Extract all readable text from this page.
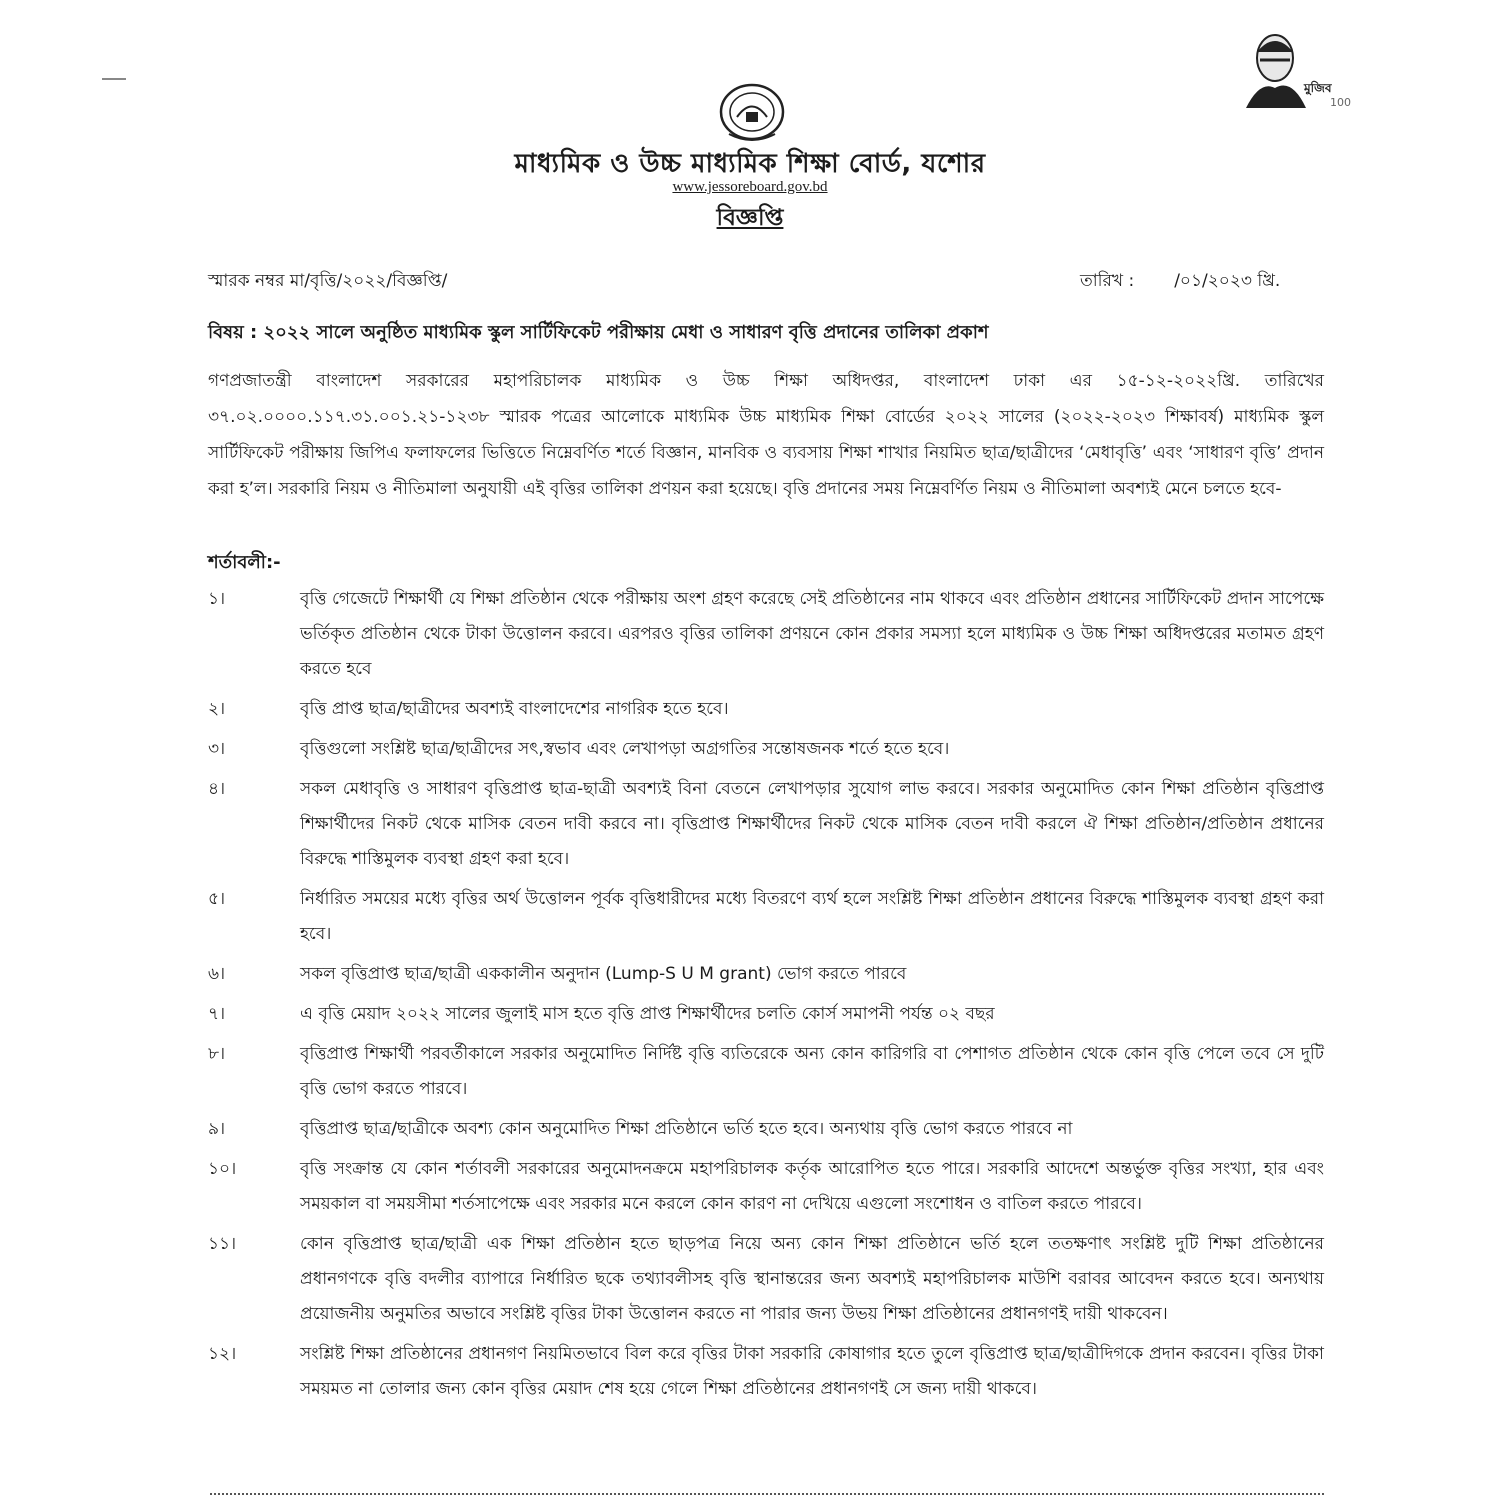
মুজিব
100
মাধ্যমিক ও উচ্চ মাধ্যমিক শিক্ষা বোর্ড, যশোর
www.jessoreboard.gov.bd
বিজ্ঞপ্তি
স্মারক নম্বর মা/বৃত্তি/২০২২/বিজ্ঞপ্তি/	তারিখ : /০১/২০২৩ খ্রি.
বিষয় : ২০২২ সালে অনুষ্ঠিত মাধ্যমিক স্কুল সার্টিফিকেট পরীক্ষায় মেধা ও সাধারণ বৃত্তি প্রদানের তালিকা প্রকাশ
গণপ্রজাতন্ত্রী বাংলাদেশ সরকারের মহাপরিচালক মাধ্যমিক ও উচ্চ শিক্ষা অধিদপ্তর, বাংলাদেশ ঢাকা এর ১৫-১২-২০২২খ্রি. তারিখের ৩৭.০২.০০০০.১১৭.৩১.০০১.২১-১২৩৮ স্মারক পত্রের আলোকে মাধ্যমিক উচ্চ মাধ্যমিক শিক্ষা বোর্ডের ২০২২ সালের (২০২২-২০২৩ শিক্ষাবর্ষ) মাধ্যমিক স্কুল সার্টিফিকেট পরীক্ষায় জিপিএ ফলাফলের ভিত্তিতে নিম্নেবর্ণিত শর্তে বিজ্ঞান, মানবিক ও ব্যবসায় শিক্ষা শাখার নিয়মিত ছাত্র/ছাত্রীদের ‘মেধাবৃত্তি’ এবং ‘সাধারণ বৃত্তি’ প্রদান করা হ’ল। সরকারি নিয়ম ও নীতিমালা অনুযায়ী এই বৃত্তির তালিকা প্রণয়ন করা হয়েছে। বৃত্তি প্রদানের সময় নিম্নেবর্ণিত নিয়ম ও নীতিমালা অবশ্যই মেনে চলতে হবে-
শর্তাবলী:-
১।	বৃত্তি গেজেটে শিক্ষার্থী যে শিক্ষা প্রতিষ্ঠান থেকে পরীক্ষায় অংশ গ্রহণ করেছে সেই প্রতিষ্ঠানের নাম থাকবে এবং প্রতিষ্ঠান প্রধানের সার্টিফিকেট প্রদান সাপেক্ষে ভর্তিকৃত প্রতিষ্ঠান থেকে টাকা উত্তোলন করবে। এরপরও বৃত্তির তালিকা প্রণয়নে কোন প্রকার সমস্যা হলে মাধ্যমিক ও উচ্চ শিক্ষা অধিদপ্তরের মতামত গ্রহণ করতে হবে
২।	বৃত্তি প্রাপ্ত ছাত্র/ছাত্রীদের অবশ্যই বাংলাদেশের নাগরিক হতে হবে।
৩।	বৃত্তিগুলো সংশ্লিষ্ট ছাত্র/ছাত্রীদের সৎ,স্বভাব এবং লেখাপড়া অগ্রগতির সন্তোষজনক শর্তে হতে হবে।
৪।	সকল মেধাবৃত্তি ও সাধারণ বৃত্তিপ্রাপ্ত ছাত্র-ছাত্রী অবশ্যই বিনা বেতনে লেখাপড়ার সুযোগ লাভ করবে। সরকার অনুমোদিত কোন শিক্ষা প্রতিষ্ঠান বৃত্তিপ্রাপ্ত শিক্ষার্থীদের নিকট থেকে মাসিক বেতন দাবী করবে না। বৃত্তিপ্রাপ্ত শিক্ষার্থীদের নিকট থেকে মাসিক বেতন দাবী করলে ঐ শিক্ষা প্রতিষ্ঠান/প্রতিষ্ঠান প্রধানের বিরুদ্ধে শাস্তিমুলক ব্যবস্থা গ্রহণ করা হবে।
৫।	নির্ধারিত সময়ের মধ্যে বৃত্তির অর্থ উত্তোলন পূর্বক বৃত্তিধারীদের মধ্যে বিতরণে ব্যর্থ হলে সংশ্লিষ্ট শিক্ষা প্রতিষ্ঠান প্রধানের বিরুদ্ধে শাস্তিমুলক ব্যবস্থা গ্রহণ করা হবে।
৬।	সকল বৃত্তিপ্রাপ্ত ছাত্র/ছাত্রী এককালীন অনুদান (Lump-S U M grant) ভোগ করতে পারবে
৭।	এ বৃত্তি মেয়াদ ২০২২ সালের জুলাই মাস হতে বৃত্তি প্রাপ্ত শিক্ষার্থীদের চলতি কোর্স সমাপনী পর্যন্ত ০২ বছর
৮।	বৃত্তিপ্রাপ্ত শিক্ষার্থী পরবর্তীকালে সরকার অনুমোদিত নির্দিষ্ট বৃত্তি ব্যতিরেকে অন্য কোন কারিগরি বা পেশাগত প্রতিষ্ঠান থেকে কোন বৃত্তি পেলে তবে সে দুটি বৃত্তি ভোগ করতে পারবে।
৯।	বৃত্তিপ্রাপ্ত ছাত্র/ছাত্রীকে অবশ্য কোন অনুমোদিত শিক্ষা প্রতিষ্ঠানে ভর্তি হতে হবে। অন্যথায় বৃত্তি ভোগ করতে পারবে না
১০।	বৃত্তি সংক্রান্ত যে কোন শর্তাবলী সরকারের অনুমোদনক্রমে মহাপরিচালক কর্তৃক আরোপিত হতে পারে। সরকারি আদেশে অন্তর্ভুক্ত বৃত্তির সংখ্যা, হার এবং সময়কাল বা সময়সীমা শর্তসাপেক্ষে এবং সরকার মনে করলে কোন কারণ না দেখিয়ে এগুলো সংশোধন ও বাতিল করতে পারবে।
১১।	কোন বৃত্তিপ্রাপ্ত ছাত্র/ছাত্রী এক শিক্ষা প্রতিষ্ঠান হতে ছাড়পত্র নিয়ে অন্য কোন শিক্ষা প্রতিষ্ঠানে ভর্তি হলে ততক্ষণাৎ সংশ্লিষ্ট দুটি শিক্ষা প্রতিষ্ঠানের প্রধানগণকে বৃত্তি বদলীর ব্যাপারে নির্ধারিত ছকে তথ্যাবলীসহ বৃত্তি স্থানান্তরের জন্য অবশ্যই মহাপরিচালক মাউশি বরাবর আবেদন করতে হবে। অন্যথায় প্রয়োজনীয় অনুমতির অভাবে সংশ্লিষ্ট বৃত্তির টাকা উত্তোলন করতে না পারার জন্য উভয় শিক্ষা প্রতিষ্ঠানের প্রধানগণই দায়ী থাকবেন।
১২।	সংশ্লিষ্ট শিক্ষা প্রতিষ্ঠানের প্রধানগণ নিয়মিতভাবে বিল করে বৃত্তির টাকা সরকারি কোষাগার হতে তুলে বৃত্তিপ্রাপ্ত ছাত্র/ছাত্রীদিগকে প্রদান করবেন। বৃত্তির টাকা সময়মত না তোলার জন্য কোন বৃত্তির মেয়াদ শেষ হয়ে গেলে শিক্ষা প্রতিষ্ঠানের প্রধানগণই সে জন্য দায়ী থাকবে।
